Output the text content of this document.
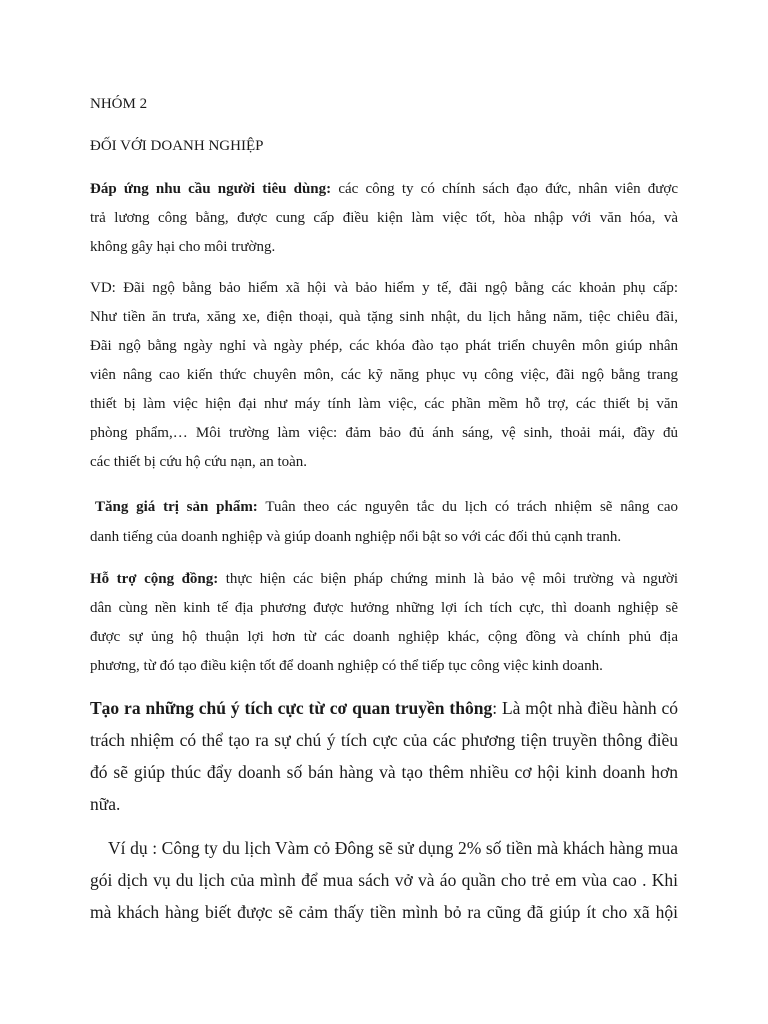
NHÓM 2
ĐỐI VỚI DOANH NGHIỆP
Đáp ứng nhu cầu người tiêu dùng: các công ty có chính sách đạo đức, nhân viên được
trả lương công bằng, được cung cấp điều kiện làm việc tốt, hòa nhập với văn hóa, và
không gây hại cho môi trường.
VD: Đãi ngộ bằng bảo hiểm xã hội và bảo hiểm y tế, đãi ngộ bằng các khoản phụ cấp:
Như tiền ăn trưa, xăng xe, điện thoại, quà tặng sinh nhật, du lịch hằng năm, tiệc chiêu đãi,
Đãi ngộ bằng ngày nghỉ và ngày phép, các khóa đào tạo phát triển chuyên môn giúp nhân
viên nâng cao kiến thức chuyên môn, các kỹ năng phục vụ công việc, đãi ngộ bằng trang
thiết bị làm việc hiện đại như máy tính làm việc, các phần mềm hỗ trợ, các thiết bị văn
phòng phẩm,… Môi trường làm việc: đảm bảo đủ ánh sáng, vệ sinh, thoải mái, đầy đủ
các thiết bị cứu hộ cứu nạn, an toàn.
Tăng giá trị sản phẩm: Tuân theo các nguyên tắc du lịch có trách nhiệm sẽ nâng cao
danh tiếng của doanh nghiệp và giúp doanh nghiệp nổi bật so với các đối thủ cạnh tranh.
Hỗ trợ cộng đồng: thực hiện các biện pháp chứng minh là bảo vệ môi trường và người
dân cùng nền kinh tế địa phương được hưởng những lợi ích tích cực, thì doanh nghiệp sẽ
được sự ủng hộ thuận lợi hơn từ các doanh nghiệp khác, cộng đồng và chính phủ địa
phương, từ đó tạo điều kiện tốt để doanh nghiệp có thể tiếp tục công việc kinh doanh.
Tạo ra những chú ý tích cực từ cơ quan truyền thông: Là một nhà điều hành có
trách nhiệm có thể tạo ra sự chú ý tích cực của các phương tiện truyền thông điều
đó sẽ giúp thúc đẩy doanh số bán hàng và tạo thêm nhiều cơ hội kinh doanh hơn
nữa.
Ví dụ : Công ty du lịch Vàm cỏ Đông sẽ sử dụng 2% số tiền mà khách hàng mua
gói dịch vụ du lịch của mình để mua sách vở và áo quần cho trẻ em vùa cao . Khi
mà khách hàng biết được sẽ cảm thấy tiền mình bỏ ra cũng đã giúp ít cho xã hội
